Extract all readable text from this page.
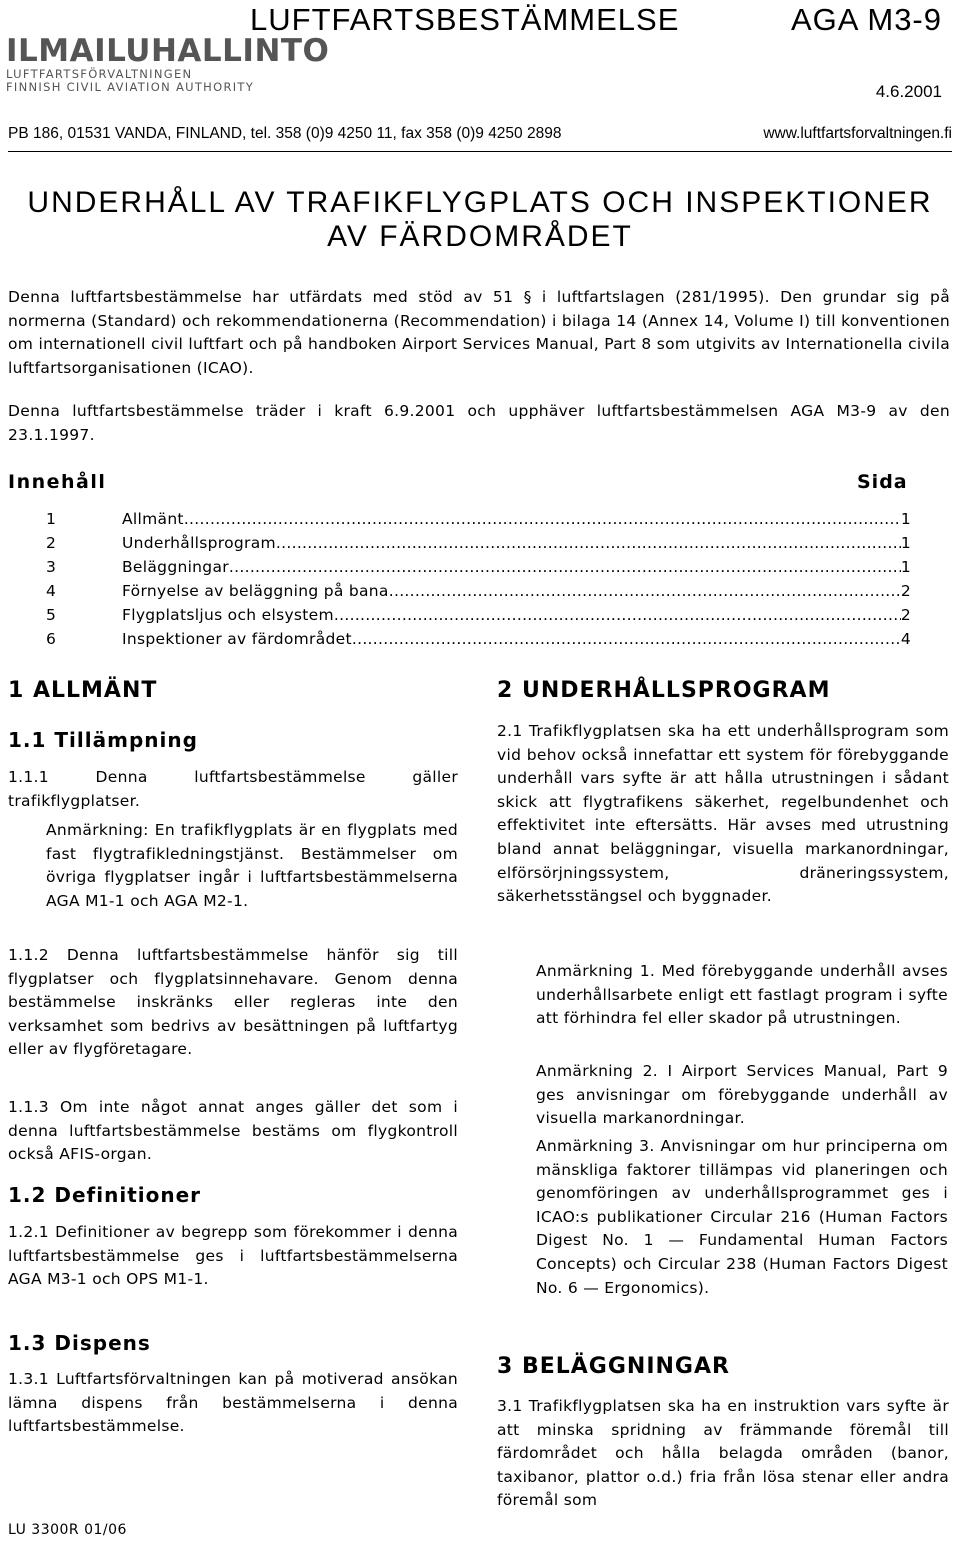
ILMAILUHALLINTO
LUFTFARTSFÖRVALTNINGEN
FINNISH CIVIL AVIATION AUTHORITY
LUFTFARTSBESTÄMMELSE	AGA M3-9
4.6.2001
PB 186, 01531 VANDA, FINLAND, tel. 358 (0)9 4250 11, fax 358 (0)9 4250 2898	www.luftfartsforvaltningen.fi
UNDERHÅLL AV TRAFIKFLYGPLATS OCH INSPEKTIONER
AV FÄRDOMRÅDET
Denna luftfartsbestämmelse har utfärdats med stöd av 51 § i luftfartslagen (281/1995). Den grundar sig på normerna (Standard) och rekommendationerna (Recommendation) i bilaga 14 (Annex 14, Volume I) till konventionen om internationell civil luftfart och på handboken Airport Services Manual, Part 8 som utgivits av Internationella civila luftfartsorganisationen (ICAO).
Denna luftfartsbestämmelse träder i kraft 6.9.2001 och upphäver luftfartsbestämmelsen AGA M3-9 av den 23.1.1997.
Innehåll	Sida
1	Allmänt .....	1
2	Underhållsprogram .....	1
3	Beläggningar .....	1
4	Förnyelse av beläggning på bana .....	2
5	Flygplatsljus och elsystem .....	2
6	Inspektioner av färdområdet .....	4
1 ALLMÄNT
1.1 Tillämpning
1.1.1 Denna luftfartsbestämmelse gäller trafikflygplatser.
Anmärkning: En trafikflygplats är en flygplats med fast flygtrafikledningstjänst. Bestämmelser om övriga flygplatser ingår i luftfartsbestämmelserna AGA M1-1 och AGA M2-1.
1.1.2 Denna luftfartsbestämmelse hänför sig till flygplatser och flygplatsinnehavare. Genom denna bestämmelse inskränks eller regleras inte den verksamhet som bedrivs av besättningen på luftfartyg eller av flygföretagare.
1.1.3 Om inte något annat anges gäller det som i denna luftfartsbestämmelse bestäms om flygkontroll också AFIS-organ.
1.2 Definitioner
1.2.1 Definitioner av begrepp som förekommer i denna luftfartsbestämmelse ges i luftfartsbestämmelserna AGA M3-1 och OPS M1-1.
1.3 Dispens
1.3.1 Luftfartsförvaltningen kan på motiverad ansökan lämna dispens från bestämmelserna i denna luftfartsbestämmelse.
2 UNDERHÅLLSPROGRAM
2.1 Trafikflygplatsen ska ha ett underhållsprogram som vid behov också innefattar ett system för förebyggande underhåll vars syfte är att hålla utrustningen i sådant skick att flygtrafikens säkerhet, regelbundenhet och effektivitet inte eftersätts. Här avses med utrustning bland annat beläggningar, visuella markanordningar, elförsörjningssystem, dräneringssystem, säkerhetsstängsel och byggnader.
Anmärkning 1. Med förebyggande underhåll avses underhållsarbete enligt ett fastlagt program i syfte att förhindra fel eller skador på utrustningen.
Anmärkning 2. I Airport Services Manual, Part 9 ges anvisningar om förebyggande underhåll av visuella markanordningar.
Anmärkning 3. Anvisningar om hur principerna om mänskliga faktorer tillämpas vid planeringen och genomföringen av underhållsprogrammet ges i ICAO:s publikationer Circular 216 (Human Factors Digest No. 1 — Fundamental Human Factors Concepts) och Circular 238 (Human Factors Digest No. 6 — Ergonomics).
3 BELÄGGNINGAR
3.1 Trafikflygplatsen ska ha en instruktion vars syfte är att minska spridning av främmande föremål till färdområdet och hålla belagda områden (banor, taxibanor, plattor o.d.) fria från lösa stenar eller andra föremål som
LU 3300R 01/06
